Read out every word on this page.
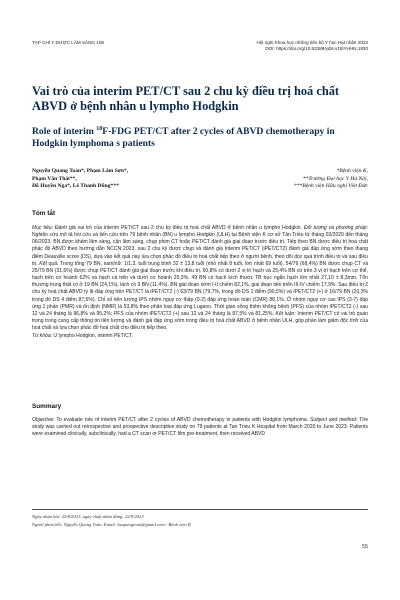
TẠP CHÍ Y DƯỢC LÂM SÀNG 108	Hội nghị Khoa học những tiến bộ Y học Hạt nhân 2023
DOI: https://doi.org/10.52389/ydls.v18iYHHN.1930
Vai trò của interim PET/CT sau 2 chu kỳ điều trị hoá chất ABVD ở bệnh nhân u lympho Hodgkin
Role of interim $^{18}$F-FDG PET/CT after 2 cycles of ABVD chemotherapy in Hodgkin lymphoma s patients
Nguyễn Quang Toàn*, Phạm Lâm Sơn*,	*Bệnh viện K,
Phạm Văn Thái**,	**Trường Đại học Y Hà Nội,
Đỗ Huyền Nga*, Lê Thanh Dũng***	***Bệnh viện Hữu nghị Việt Đức
Tóm tắt

Mục tiêu: Đánh giá vai trò của interim PET/CT sau 2 chu kỳ điều trị hoá chất ABVD ở bệnh nhân u lympho Hodgkin. Đối tượng và phương pháp: Nghiên cứu mô tả hồi cứu và tiến cứu trên 79 bệnh nhân (BN) u lympho Hodgkin (ULH) tại Bệnh viện K cơ sở Tân Triều từ tháng 03/2020 đến tháng 06/2023. BN được khám lâm sàng, cận lâm sàng, chụp phim CT hoặc PET/CT đánh giá giai đoạn trước điều trị. Tiếp theo BN được điều trị hoá chất phác đồ ABVD theo hướng dẫn NCCN 2023, sau 2 chu kỳ được chụp và đánh giá Interim PET/CT (iPET/CT2) đánh giá đáp ứng sớm theo thang điểm Deauville score (DS), dựa vào kết quả này lựa chọn phác đồ điều trị hoá chất tiếp theo ở người bệnh, theo dõi dọc quá trình điều trị và sau điều trị. Kết quả: Trong tổng 79 BN, nam/nữ: 1/1,3, tuổi trung bình 32 ± 13,8 tuổi (nhỏ nhất 8 tuổi, lớn nhất 69 tuổi). 54/79 (68,4%) BN được chụp CT và 25/79 BN (31,6%) được chụp PET/CT đánh giá giai đoạn trước khi điều trị. 60,8% có dưới 2 vị trí hạch và 25,4% BN có trên 3 vị trí hạch trên cơ thể, hạch trên cơ hoành 62% và hạch cả trên và dưới cơ hoành 20,3%. 49 BN có hạch kích thước TB trục ngắn hạch lớn nhất 27,10 ± 8,3mm. Tổn thương trung thất có ở 19 BN (24,1%), lách có 9 BN (11,4%). BN giai đoạn sớm I-II chiếm 82,1%, giai đoạn tiến triển III-IV chiếm 17,9%. Sau điều trị 2 chu kỳ hoá chất ABVD tỷ lệ đáp ứng trên PET/CT là iPET/CT2 (-) 63/79 BN (79,7%, trong đó DS 1 điểm (90,5%) và iPET/CT2 (+) ở 16/79 BN (20,3% trong đó DS 4 điểm 87,5%). Chỉ số tiên lượng IPS nhóm nguy cơ thấp (0-2) đáp ứng hoàn toàn (CMR) 88,1%. Ở nhóm nguy cơ cao IPS (3-7) đáp ứng 1 phần (PMR) và ổn định (NMR) là 53,8% theo phân loại đáp ứng Lugano. Thời gian sống thêm không bệnh (PFS) của nhóm iPET/CT2 (-) sau 12 và 24 tháng là 96,8% và 95,2%; PFS của nhóm iPET/CT2 (+) sau 12 và 24 tháng là 87,5% và 81,25%. Kết luận: Interim PET/CT có vai trò quan trọng trong cung cấp thông tin tiên lượng và đánh giá đáp ứng sớm trong điều trị hoá chất ABVD ở bệnh nhân ULH, góp phần làm giảm độc tính của hoá chất và lựa chọn phác đồ hoá chất cho điều trị tiếp theo.

Từ khóa: U lympho Hodgkin, interim PET/CT.

Summary

Objective: To evaluate role of interim PET/CT after 2 cycles of ABVD chemotherapy in patients with Hodgkin lymphoma. Subject and method: The study was carried out retrospective and prospective descriptive study on 79 patients at Tan Trieu K Hospital from March 2020 to June 2023. Patients were examined clinically, subclinically, had a CT scan or PET/CT film pre-treatment, then received ABVD

Ngày nhận bài: 25/8/2023, ngày chấp nhận đăng: 22/9/2023
Người phản hồi: Nguyễn Quang Toàn, Email: bsquangtoan@gmail.com - Bệnh viện K
55
